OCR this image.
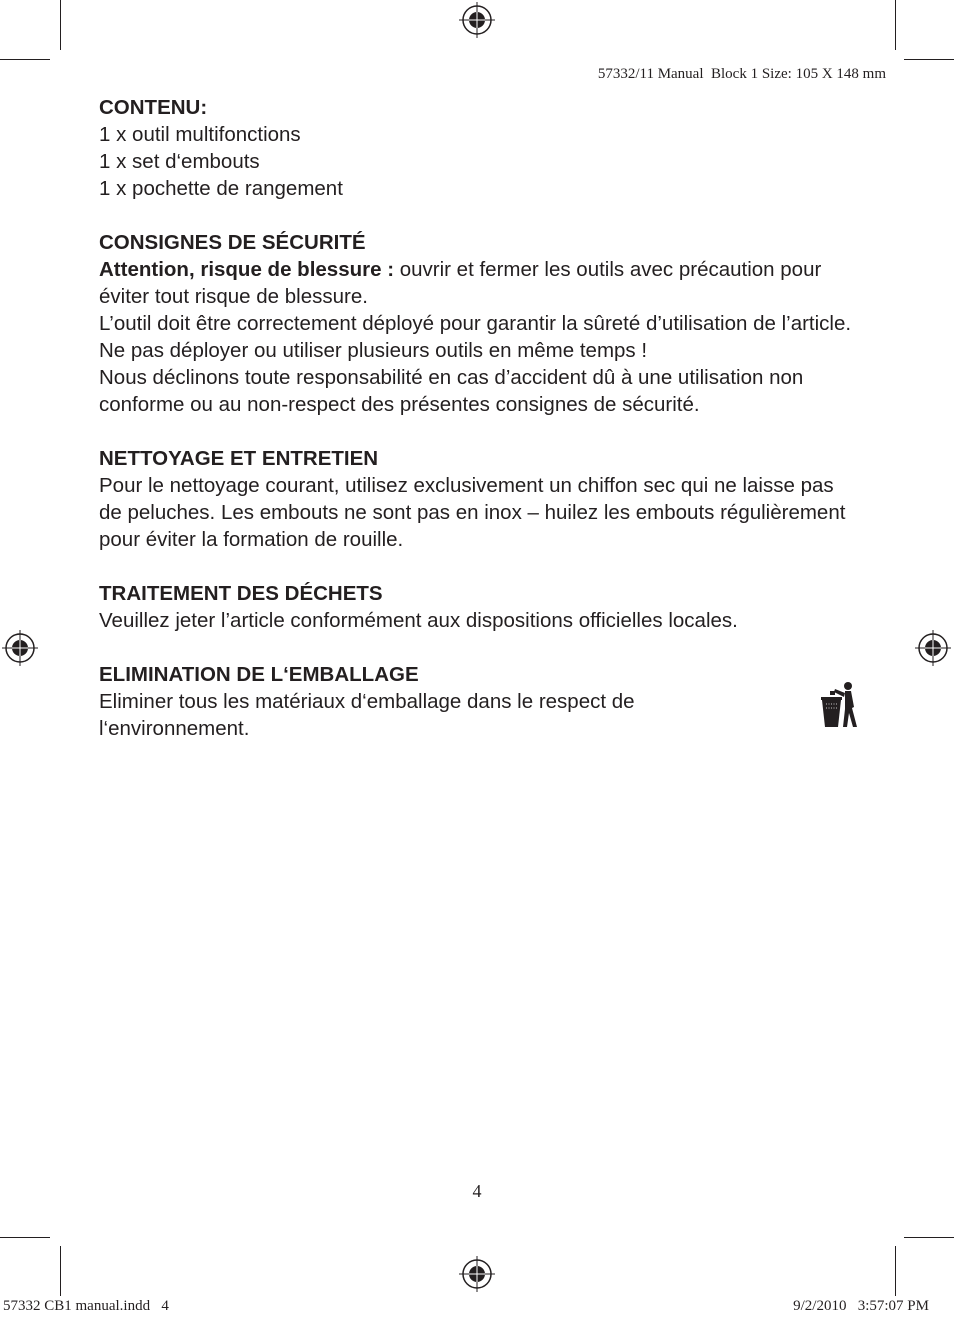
57332/11 Manual  Block 1 Size: 105 X 148 mm

CONTENU:

1 x outil multifonctions

1 x set d‘embouts

1 x pochette de rangement

CONSIGNES DE SÉCURITÉ

Attention, risque de blessure : ouvrir et fermer les outils avec précaution pour éviter tout risque de blessure.

L’outil doit être correctement déployé pour garantir la sûreté d’utilisation de l’article.

Ne pas déployer ou utiliser plusieurs outils en même temps !

Nous déclinons toute responsabilité en cas d’accident dû à une utilisation non conforme ou au non-respect des présentes consignes de sécurité.

NETTOYAGE ET ENTRETIEN

Pour le nettoyage courant, utilisez exclusivement un chiffon sec qui ne laisse pas de peluches. Les embouts ne sont pas en inox – huilez les embouts régulièrement pour éviter la formation de rouille.

TRAITEMENT DES DÉCHETS

Veuillez jeter l’article conformément aux dispositions officielles locales.

ELIMINATION DE L‘EMBALLAGE

Eliminer tous les matériaux d‘emballage dans le respect de l‘environnement.

4
57332 CB1 manual.indd   4	9/2/2010   3:57:07 PM
